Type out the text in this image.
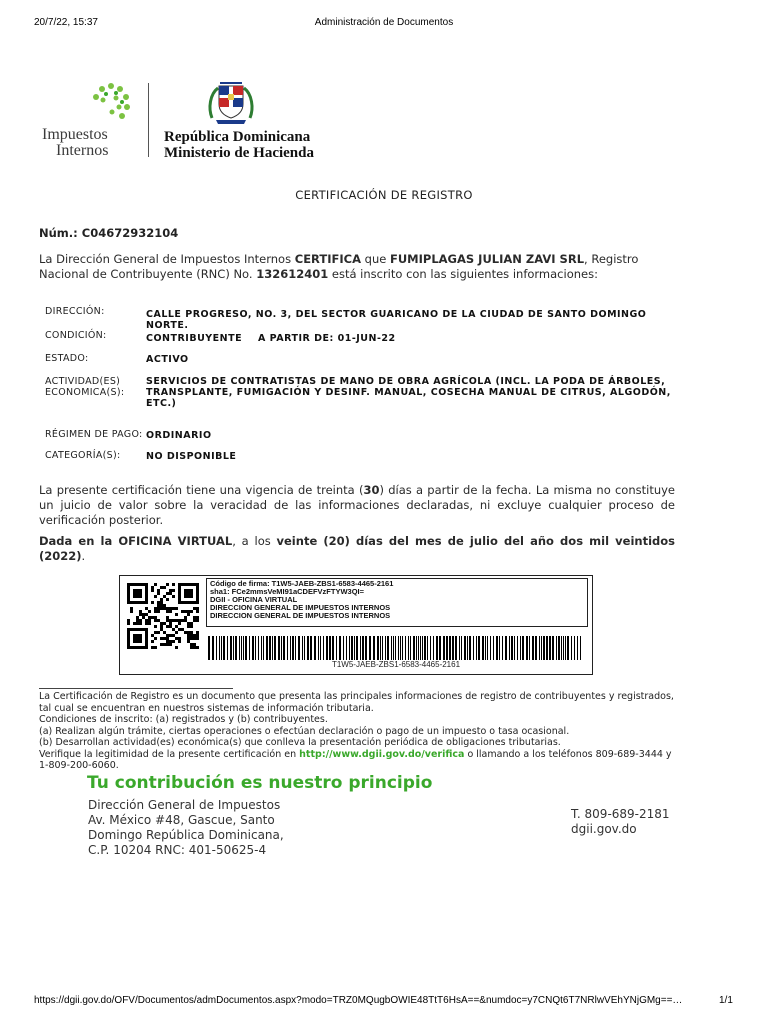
20/7/22, 15:37	Administración de Documentos
Impuestos
Internos
República Dominicana
Ministerio de Hacienda
CERTIFICACIÓN DE REGISTRO
Núm.: C04672932104
La Dirección General de Impuestos Internos CERTIFICA que FUMIPLAGAS JULIAN ZAVI SRL, Registro Nacional de Contribuyente (RNC) No. 132612401 está inscrito con las siguientes informaciones:
DIRECCIÓN:	CALLE PROGRESO, NO. 3, DEL SECTOR GUARICANO DE LA CIUDAD DE SANTO DOMINGO NORTE.
CONDICIÓN:	CONTRIBUYENTE A PARTIR DE: 01-JUN-22
ESTADO:	ACTIVO
ACTIVIDAD(ES)
ECONOMICA(S):
SERVICIOS DE CONTRATISTAS DE MANO DE OBRA AGRÍCOLA (INCL. LA PODA DE ÁRBOLES, TRANSPLANTE, FUMIGACIÓN Y DESINF. MANUAL, COSECHA MANUAL DE CITRUS, ALGODÓN, ETC.)
RÉGIMEN DE PAGO: ORDINARIO
CATEGORÍA(S):	NO DISPONIBLE
La presente certificación tiene una vigencia de treinta (30) días a partir de la fecha. La misma no constituye un juicio de valor sobre la veracidad de las informaciones declaradas, ni excluye cualquier proceso de verificación posterior.
Dada en la OFICINA VIRTUAL, a los veinte (20) días del mes de julio del año dos mil veintidos (2022).
Código de firma: T1W5-JAEB-ZBS1-6583-4465-2161
sha1: FCe2mmsVeMI91aCDEFVzFTYW3QI=
DGII - OFICINA VIRTUAL
DIRECCION GENERAL DE IMPUESTOS INTERNOS
DIRECCION GENERAL DE IMPUESTOS INTERNOS
T1W5-JAEB-ZBS1-6583-4465-2161
La Certificación de Registro es un documento que presenta las principales informaciones de registro de contribuyentes y registrados, tal cual se encuentran en nuestros sistemas de información tributaria.
Condiciones de inscrito: (a) registrados y (b) contribuyentes.
(a) Realizan algún trámite, ciertas operaciones o efectúan declaración o pago de un impuesto o tasa ocasional.
(b) Desarrollan actividad(es) económica(s) que conlleva la presentación periódica de obligaciones tributarias.
Verifique la legitimidad de la presente certificación en http://www.dgii.gov.do/verifica o llamando a los teléfonos 809-689-3444 y 1-809-200-6060.
Tu contribución es nuestro principio
Dirección General de Impuestos
Av. México #48, Gascue, Santo
Domingo República Dominicana,
C.P. 10204 RNC: 401-50625-4
T. 809-689-2181
dgii.gov.do
https://dgii.gov.do/OFV/Documentos/admDocumentos.aspx?modo=TRZ0MQugbOWIE48TtT6HsA==&numdoc=y7CNQt6T7NRlwVEhYNjGMg==…	1/1
